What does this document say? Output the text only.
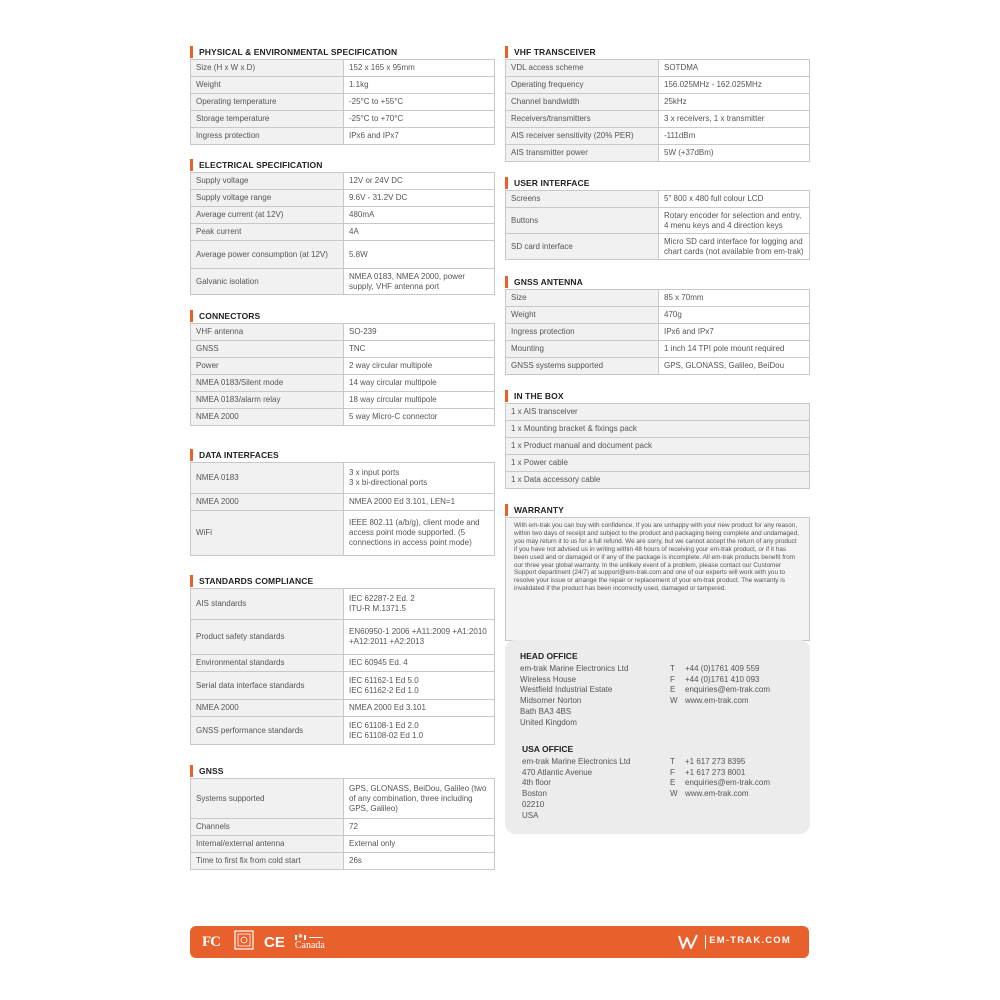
PHYSICAL & ENVIRONMENTAL SPECIFICATION
Size (H x W x D)	152 x 165 x 95mm
Weight	1.1kg
Operating temperature	-25°C to +55°C
Storage temperature	-25°C to +70°C
Ingress protection	IPx6 and IPx7
ELECTRICAL SPECIFICATION
Supply voltage	12V or 24V DC
Supply voltage range	9.6V - 31.2V DC
Average current (at 12V)	480mA
Peak current	4A
Average power consumption (at 12V)	5.8W
Galvanic isolation	NMEA 0183, NMEA 2000, power supply, VHF antenna port
CONNECTORS
VHF antenna	SO-239
GNSS	TNC
Power	2 way circular multipole
NMEA 0183/Silent mode	14 way circular multipole
NMEA 0183/alarm relay	18 way circular multipole
NMEA 2000	5 way Micro-C connector
DATA INTERFACES
NMEA 0183	3 x input ports
3 x bi-directional ports
NMEA 2000	NMEA 2000 Ed 3.101, LEN=1
WiFi	IEEE 802.11 (a/b/g), client mode and access point mode supported. (5 connections in access point mode)
STANDARDS COMPLIANCE
AIS standards	IEC 62287-2 Ed. 2
ITU-R M.1371.5
Product safety standards	EN60950-1 2006 +A11:2009 +A1:2010 +A12:2011 +A2:2013
Environmental standards	IEC 60945 Ed. 4
Serial data interface standards	IEC 61162-1 Ed 5.0
IEC 61162-2 Ed 1.0
NMEA 2000	NMEA 2000 Ed 3.101
GNSS performance standards	IEC 61108-1 Ed 2.0
IEC 61108-02 Ed 1.0
GNSS
Systems supported	GPS, GLONASS, BeiDou, Galileo (two of any combination, three including GPS, Galileo)
Channels	72
Internal/external antenna	External only
Time to first fix from cold start	26s
VHF TRANSCEIVER
VDL access scheme	SOTDMA
Operating frequency	156.025MHz - 162.025MHz
Channel bandwidth	25kHz
Receivers/transmitters	3 x receivers, 1 x transmitter
AIS receiver sensitivity (20% PER)	-111dBm
AIS transmitter power	5W (+37dBm)
USER INTERFACE
Screens	5" 800 x 480 full colour LCD
Buttons	Rotary encoder for selection and entry, 4 menu keys and 4 direction keys
SD card interface	Micro SD card interface for logging and chart cards (not available from em-trak)
GNSS ANTENNA
Size	85 x 70mm
Weight	470g
Ingress protection	IPx6 and IPx7
Mounting	1 inch 14 TPI pole mount required
GNSS systems supported	GPS, GLONASS, Galileo, BeiDou
IN THE BOX
1 x AIS transceiver
1 x Mounting bracket & fixings pack
1 x Product manual and document pack
1 x Power cable
1 x Data accessory cable
WARRANTY
With em-trak you can buy with confidence. If you are unhappy with your new product for any reason, within two days of receipt and subject to the product and packaging being complete and undamaged, you may return it to us for a full refund. We are sorry, but we cannot accept the return of any product if you have not advised us in writing within 48 hours of receiving your em-trak product, or if it has been used and or damaged or if any of the package is incomplete. All em-trak products benefit from our three year global warranty. In the unlikely event of a problem, please contact our Customer Support department (24/7) at support@em-trak.com and one of our experts will work with you to resolve your issue or arrange the repair or replacement of your em-trak product. The warranty is invalidated if the product has been incorrectly used, damaged or tampered.
HEAD OFFICE
em-trak Marine Electronics Ltd
Wireless House
Westfield Industrial Estate
Midsomer Norton
Bath BA3 4BS
United Kingdom
T +44 (0)1761 409 559
F +44 (0)1761 410 093
E enquiries@em-trak.com
W www.em-trak.com
USA OFFICE
em-trak Marine Electronics Ltd
470 Atlantic Avenue
4th floor
Boston
02210
USA
T +1 617 273 8395
F +1 617 273 8001
E enquiries@em-trak.com
W www.em-trak.com
FC	CE ❅
Canada	EM-TRAK.COM
